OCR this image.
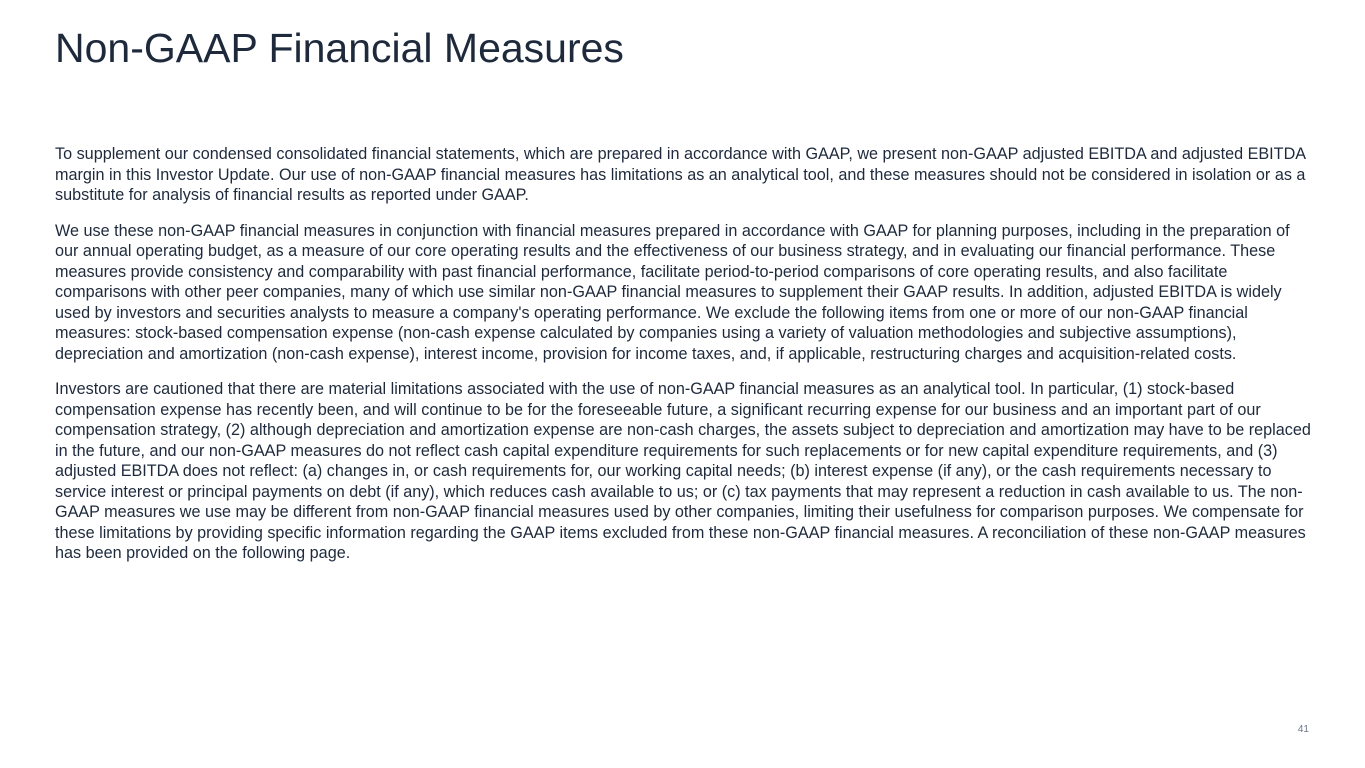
Non-GAAP Financial Measures

To supplement our condensed consolidated financial statements, which are prepared in accordance with GAAP, we present non-GAAP adjusted EBITDA and adjusted EBITDA margin in this Investor Update. Our use of non-GAAP financial measures has limitations as an analytical tool, and these measures should not be considered in isolation or as a substitute for analysis of financial results as reported under GAAP.

We use these non-GAAP financial measures in conjunction with financial measures prepared in accordance with GAAP for planning purposes, including in the preparation of our annual operating budget, as a measure of our core operating results and the effectiveness of our business strategy, and in evaluating our financial performance. These measures provide consistency and comparability with past financial performance, facilitate period-to-period comparisons of core operating results, and also facilitate comparisons with other peer companies, many of which use similar non-GAAP financial measures to supplement their GAAP results. In addition, adjusted EBITDA is widely used by investors and securities analysts to measure a company's operating performance. We exclude the following items from one or more of our non-GAAP financial measures: stock-based compensation expense (non-cash expense calculated by companies using a variety of valuation methodologies and subjective assumptions), depreciation and amortization (non-cash expense), interest income, provision for income taxes, and, if applicable, restructuring charges and acquisition-related costs.

Investors are cautioned that there are material limitations associated with the use of non-GAAP financial measures as an analytical tool. In particular, (1) stock-based compensation expense has recently been, and will continue to be for the foreseeable future, a significant recurring expense for our business and an important part of our compensation strategy, (2) although depreciation and amortization expense are non-cash charges, the assets subject to depreciation and amortization may have to be replaced in the future, and our non-GAAP measures do not reflect cash capital expenditure requirements for such replacements or for new capital expenditure requirements, and (3) adjusted EBITDA does not reflect: (a) changes in, or cash requirements for, our working capital needs; (b) interest expense (if any), or the cash requirements necessary to service interest or principal payments on debt (if any), which reduces cash available to us; or (c) tax payments that may represent a reduction in cash available to us. The non-GAAP measures we use may be different from non-GAAP financial measures used by other companies, limiting their usefulness for comparison purposes. We compensate for these limitations by providing specific information regarding the GAAP items excluded from these non-GAAP financial measures. A reconciliation of these non-GAAP measures has been provided on the following page.

41
